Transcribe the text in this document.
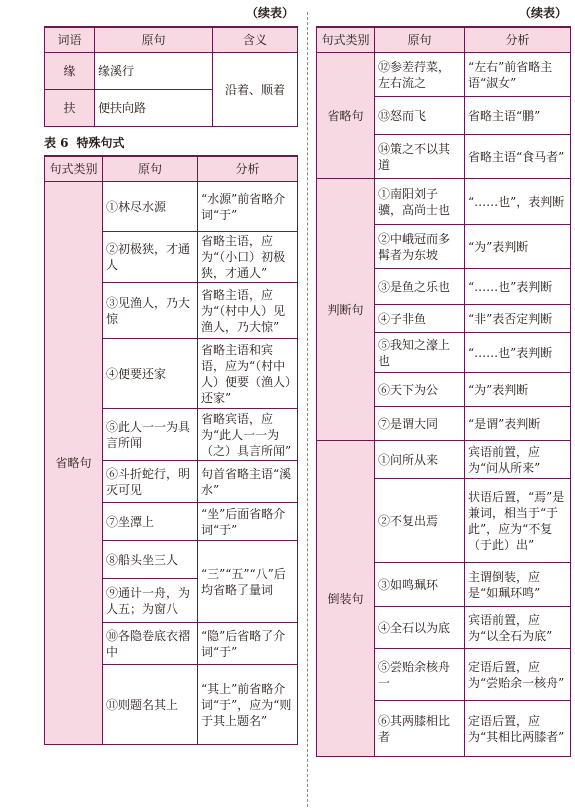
（续表）
词语	原句	含义
缘	缘溪行	沿着、顺着
扶	便扶向路	
表 6 特殊句式
句式类别	原句	分析
省略句	①林尽水源	“水源”前省略介词“于”
	②初极狭，才通人	省略主语，应为“（小口）初极狭，才通人”
	③见渔人，乃大惊	省略主语，应为“（村中人）见渔人，乃大惊”
	④便要还家	省略主语和宾语，应为“（村中人）便要（渔人）还家”
	⑤此人一一为具言所闻	省略宾语，应为“此人一一为（之）具言所闻”
	⑥斗折蛇行，明灭可见	句首省略主语“溪水”
	⑦坐潭上	“坐”后面省略介词“于”
	⑧船头坐三人	“三”“五”“八”后均省略了量词
	⑨通计一舟，为人五；为窗八	
	⑩各隐卷底衣褶中	“隐”后省略了介词“于”
	⑪则题名其上	“其上”前省略介词“于”，应为“则于其上题名”
（续表）
句式类别	原句	分析
省略句	⑫参差荇菜，左右流之	“左右”前省略主语“淑女”
	⑬怒而飞	省略主语“鹏”
	⑭策之不以其道	省略主语“食马者”
判断句	①南阳刘子骥，高尚士也	“……也”，表判断
	②中峨冠而多髯者为东坡	“为”表判断
	③是鱼之乐也	“……也”表判断
	④子非鱼	“非”表否定判断
	⑤我知之濠上也	“……也”表判断
	⑥天下为公	“为”表判断
	⑦是谓大同	“是谓”表判断
倒装句	①问所从来	宾语前置，应为“问从所来”
	②不复出焉	状语后置，“焉”是兼词，相当于“于此”，应为“不复（于此）出”
	③如鸣珮环	主谓倒装，应是“如珮环鸣”
	④全石以为底	宾语前置，应为“以全石为底”
	⑤尝贻余核舟一	定语后置，应为“尝贻余一核舟”
	⑥其两膝相比者	定语后置，应为“其相比两膝者”
